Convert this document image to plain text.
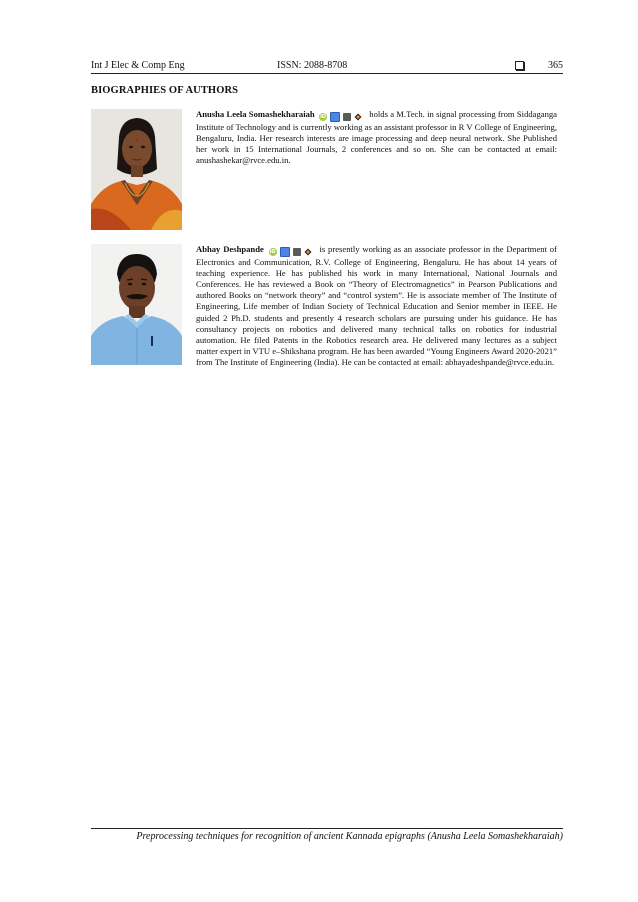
Int J Elec & Comp Eng	ISSN: 2088-8708	365
BIOGRAPHIES OF AUTHORS
Anusha Leela Somashekharaiah iD	holds a M.Tech. in signal processing from Siddaganga Institute of Technology and is currently working as an assistant professor in R V College of Engineering, Bengaluru, India. Her research interests are image processing and deep neural network. She Published her work in 15 International Journals, 2 conferences and so on. She can be contacted at email: anushashekar@rvce.edu.in.
Abhay Deshpande iD	is presently working as an associate professor in the Department of Electronics and Communication, R.V. College of Engineering, Bengaluru. He has about 14 years of teaching experience. He has published his work in many International, National Journals and Conferences. He has reviewed a Book on “Theory of Electromagnetics” in Pearson Publications and authored Books on “network theory” and “control system”. He is associate member of The Institute of Engineering, Life member of Indian Society of Technical Education and Senior member in IEEE. He guided 2 Ph.D. students and presently 4 research scholars are pursuing under his guidance. He has consultancy projects on robotics and delivered many technical talks on robotics for industrial automation. He filed Patents in the Robotics research area. He delivered many lectures as a subject matter expert in VTU e–Shikshana program. He has been awarded “Young Engineers Award 2020-2021” from The Institute of Engineering (India). He can be contacted at email: abhayadeshpande@rvce.edu.in.
Preprocessing techniques for recognition of ancient Kannada epigraphs (Anusha Leela Somashekharaiah)
